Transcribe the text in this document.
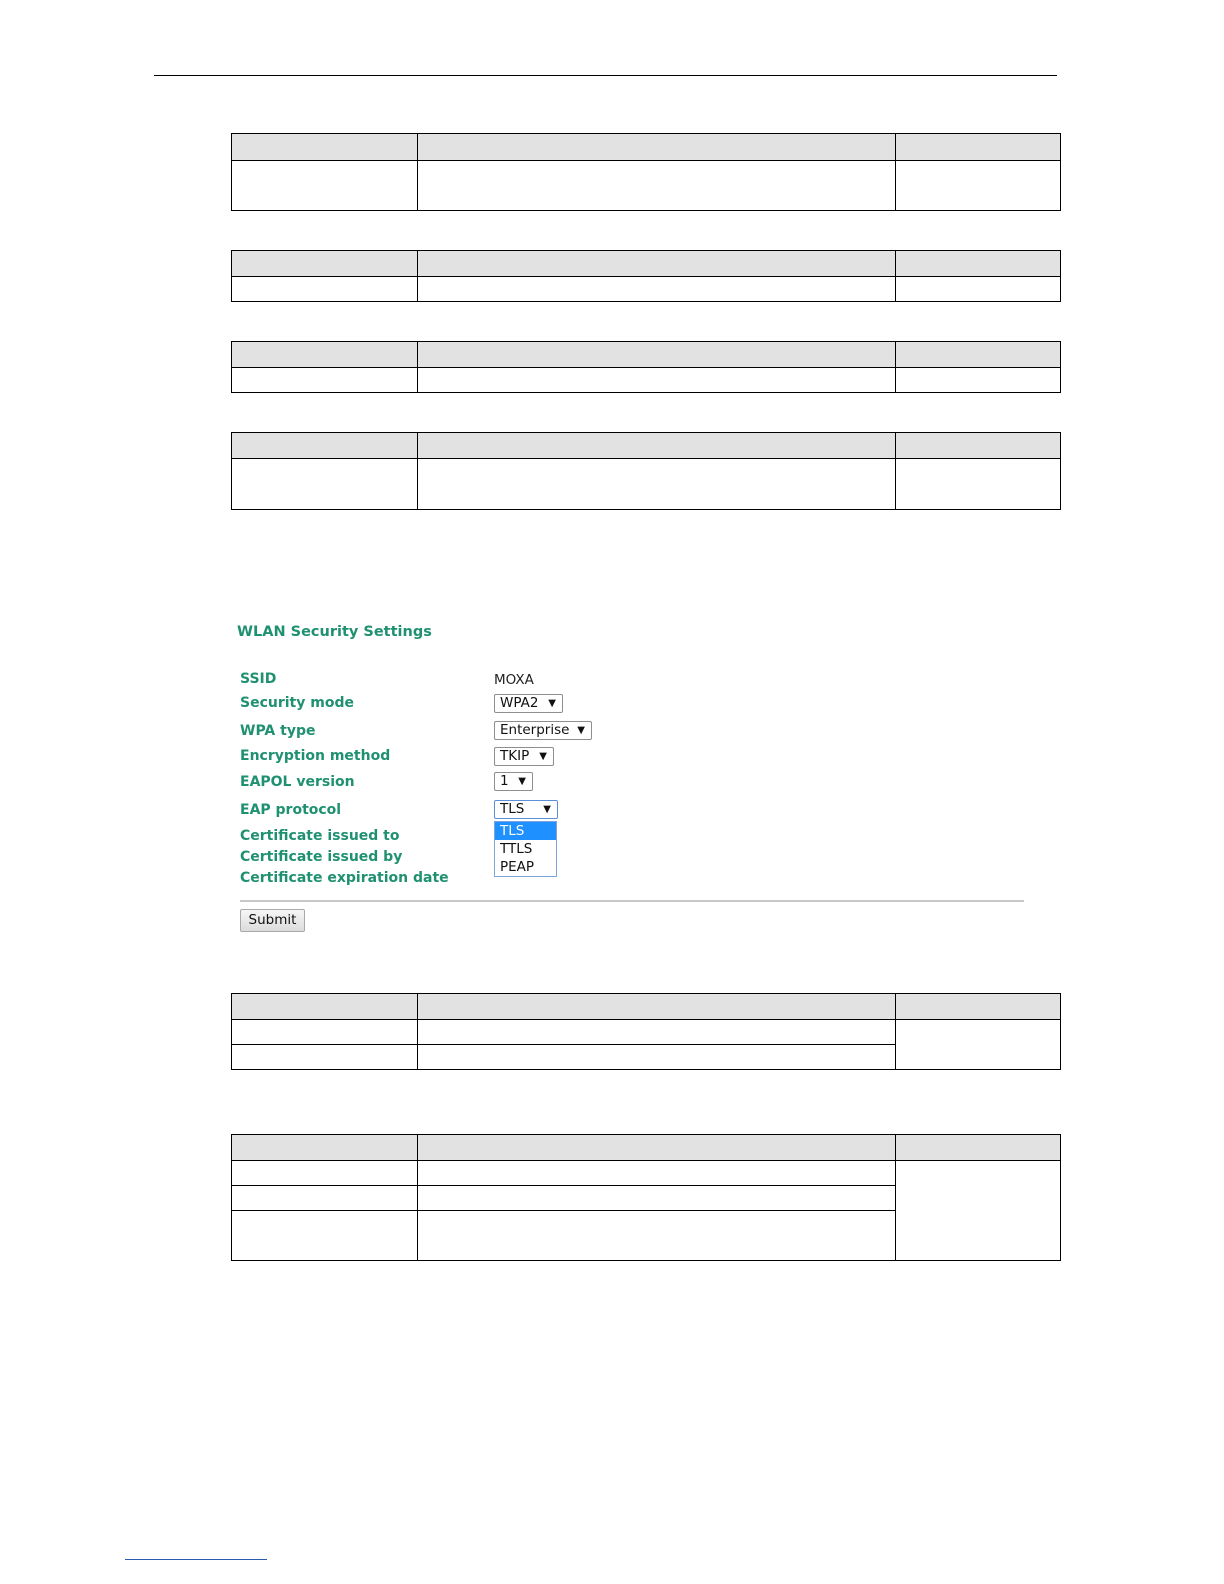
WLAN Security Settings
SSID	MOXA
Security mode	WPA2 ▼
WPA type	Enterprise ▼
Encryption method	TKIP ▼
EAPOL version	1 ▼
EAP protocol	TLS ▼
TLS
TTLS
PEAP
Certificate issued to
Certificate issued by
Certificate expiration date
Submit
